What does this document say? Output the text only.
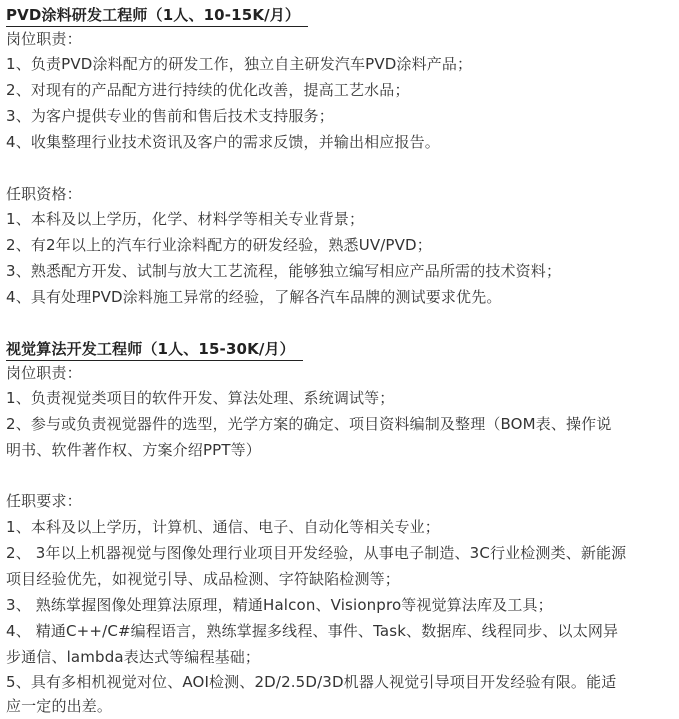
PVD涂料研发工程师（1人、10-15K/月）
岗位职责：
1、负责PVD涂料配方的研发工作，独立自主研发汽车PVD涂料产品；
2、对现有的产品配方进行持续的优化改善，提高工艺水品；
3、为客户提供专业的售前和售后技术支持服务；
4、收集整理行业技术资讯及客户的需求反馈，并输出相应报告。
任职资格：
1、本科及以上学历，化学、材料学等相关专业背景；
2、有2年以上的汽车行业涂料配方的研发经验，熟悉UV/PVD；
3、熟悉配方开发、试制与放大工艺流程，能够独立编写相应产品所需的技术资料；
4、具有处理PVD涂料施工异常的经验，了解各汽车品牌的测试要求优先。
视觉算法开发工程师（1人、15-30K/月）
岗位职责：
1、负责视觉类项目的软件开发、算法处理、系统调试等；
2、参与或负责视觉器件的选型，光学方案的确定、项目资料编制及整理（BOM表、操作说
明书、软件著作权、方案介绍PPT等）
任职要求：
1、本科及以上学历，计算机、通信、电子、自动化等相关专业；
2、 3年以上机器视觉与图像处理行业项目开发经验，从事电子制造、3C行业检测类、新能源
项目经验优先，如视觉引导、成品检测、字符缺陷检测等；
3、 熟练掌握图像处理算法原理，精通Halcon、Visionpro等视觉算法库及工具；
4、 精通C++/C#编程语言，熟练掌握多线程、事件、Task、数据库、线程同步、以太网异
步通信、lambda表达式等编程基础；
5、具有多相机视觉对位、AOI检测、2D/2.5D/3D机器人视觉引导项目开发经验有限。能适
应一定的出差。
